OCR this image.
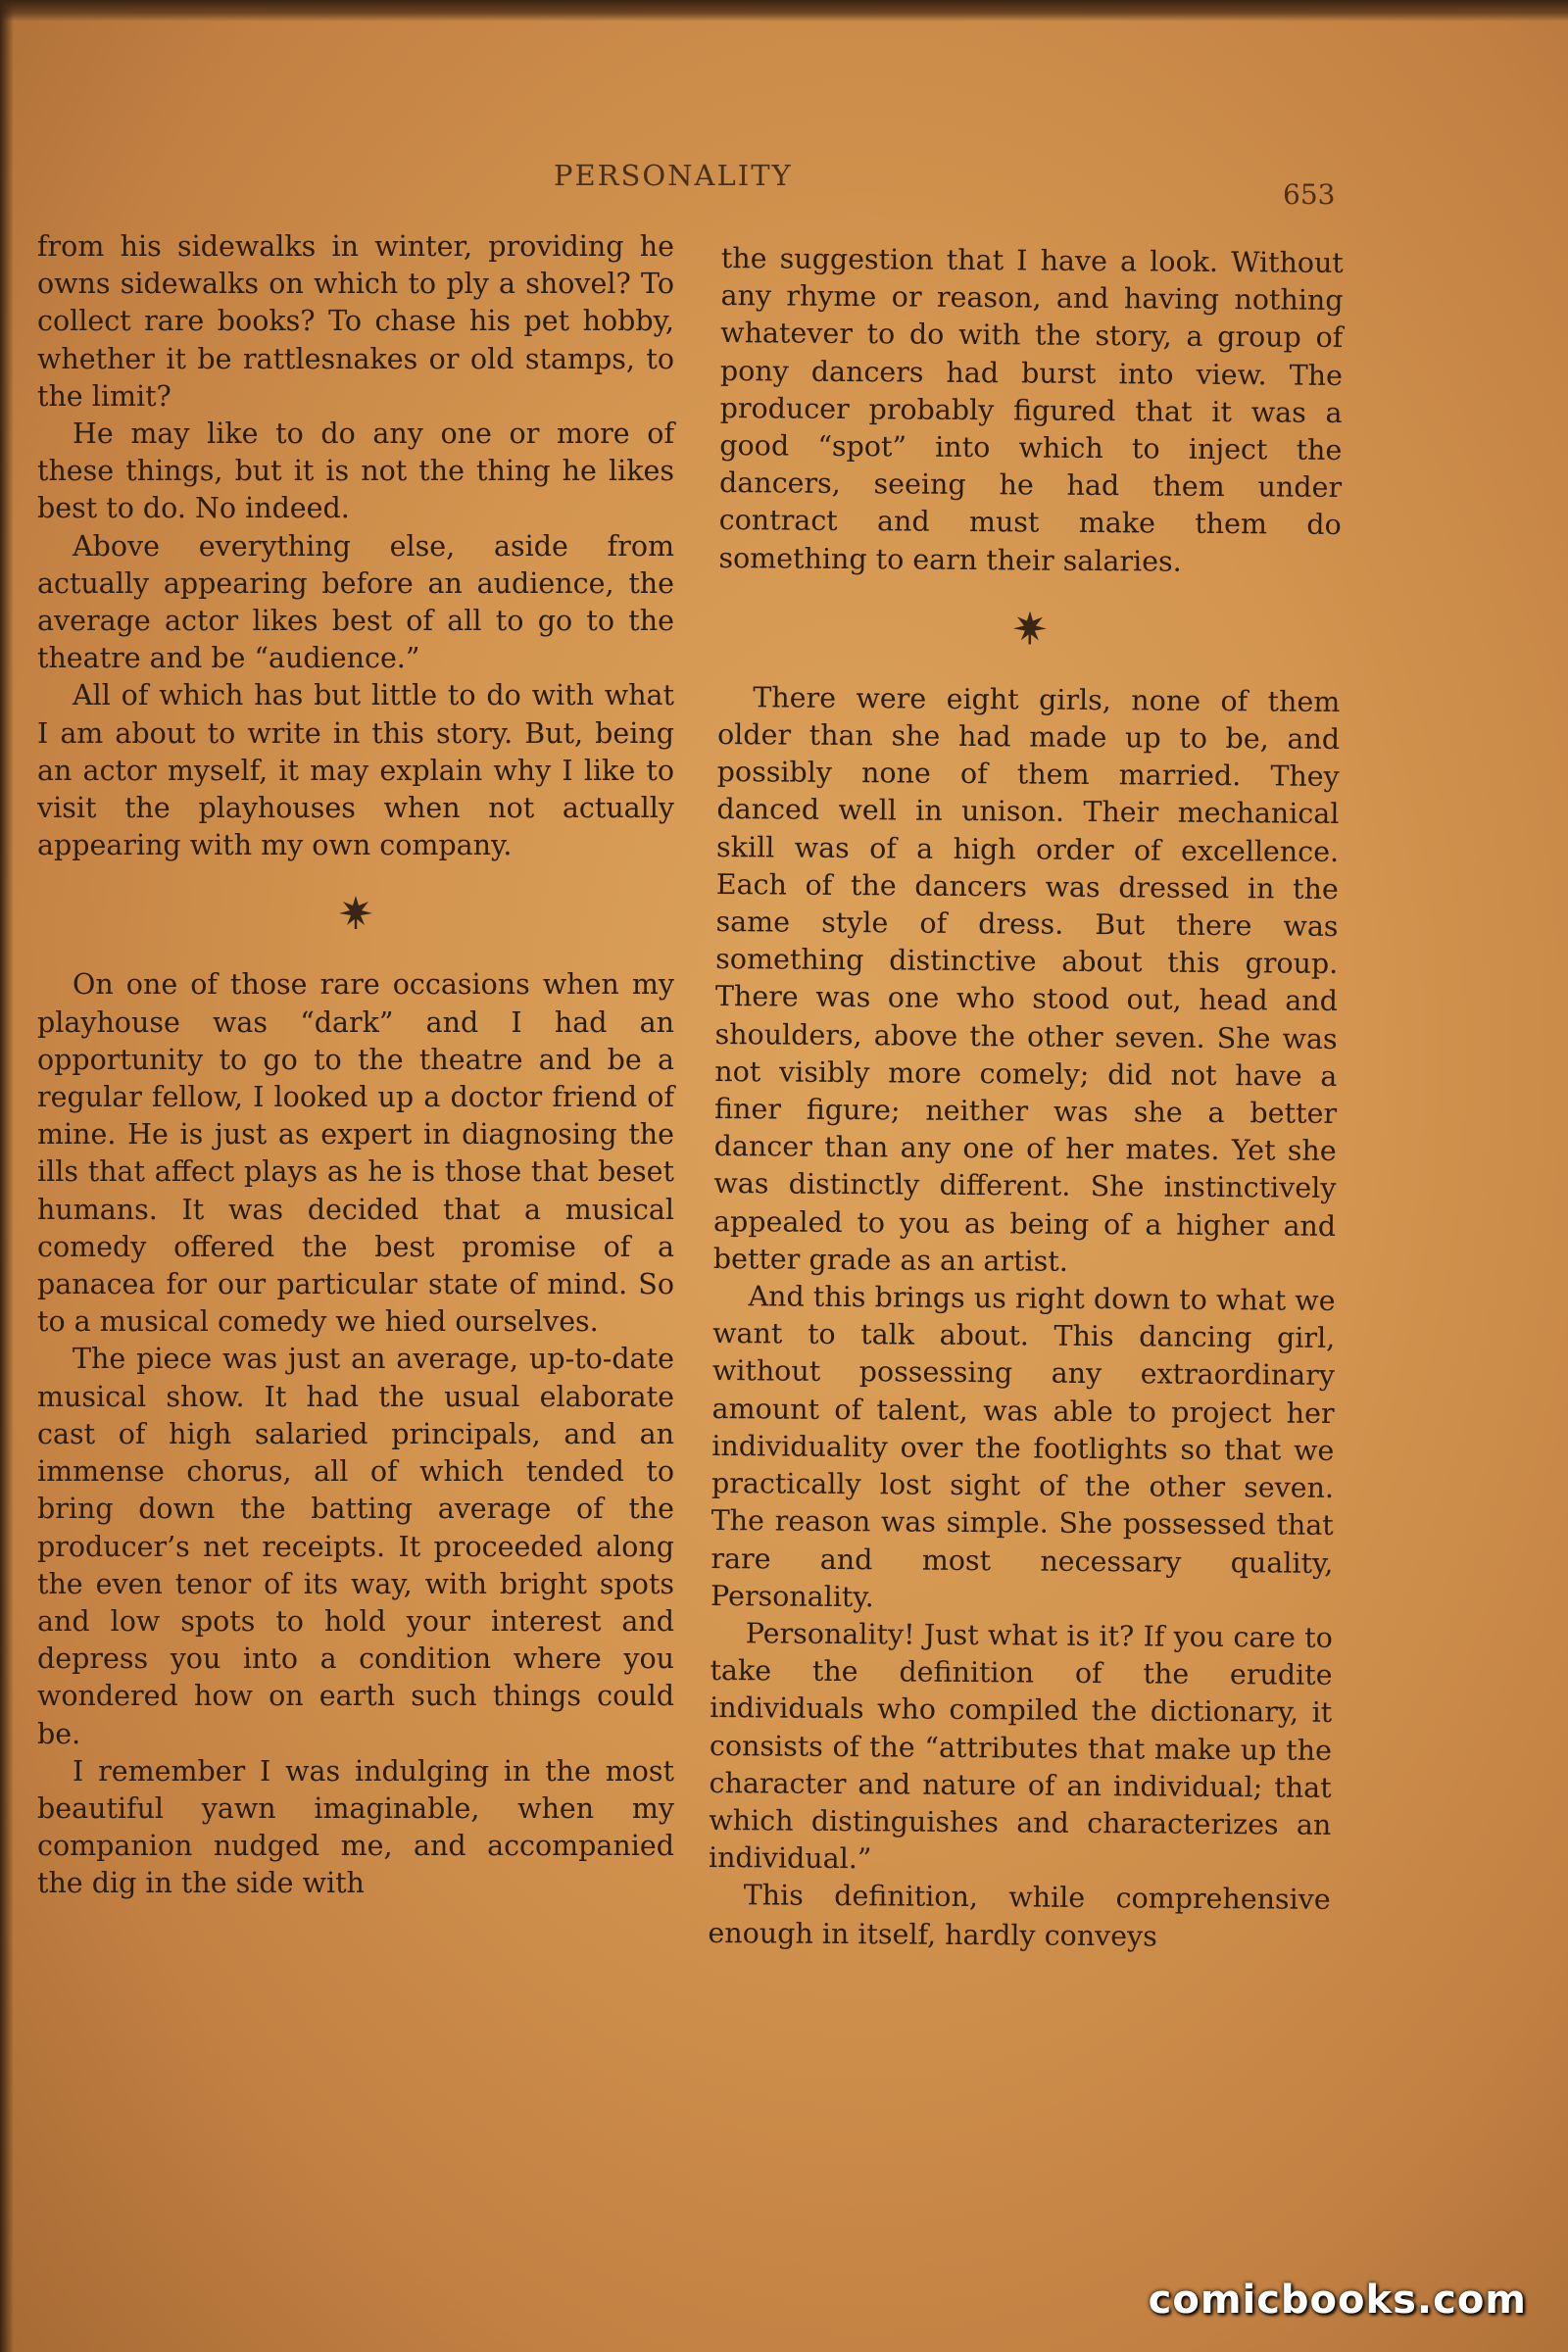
PERSONALITY
653

from his sidewalks in winter, providing he owns sidewalks on which to ply a shovel? To collect rare books? To chase his pet hobby, whether it be rattlesnakes or old stamps, to the limit?

He may like to do any one or more of these things, but it is not the thing he likes best to do. No indeed.

Above everything else, aside from actually appearing before an audience, the average actor likes best of all to go to the theatre and be “audience.”

All of which has but little to do with what I am about to write in this story. But, being an actor myself, it may explain why I like to visit the playhouses when not actually appearing with my own company.

On one of those rare occasions when my playhouse was “dark” and I had an opportunity to go to the theatre and be a regular fellow, I looked up a doctor friend of mine. He is just as expert in diagnosing the ills that affect plays as he is those that beset humans. It was decided that a musical comedy offered the best promise of a panacea for our particular state of mind. So to a musical comedy we hied ourselves.

The piece was just an average, up-to-date musical show. It had the usual elaborate cast of high salaried principals, and an immense chorus, all of which tended to bring down the batting average of the producer’s net receipts. It proceeded along the even tenor of its way, with bright spots and low spots to hold your interest and depress you into a condition where you wondered how on earth such things could be.

I remember I was indulging in the most beautiful yawn imaginable, when my companion nudged me, and accompanied the dig in the side with

the suggestion that I have a look. Without any rhyme or reason, and having nothing whatever to do with the story, a group of pony dancers had burst into view. The producer probably figured that it was a good “spot” into which to inject the dancers, seeing he had them under contract and must make them do something to earn their salaries.

There were eight girls, none of them older than she had made up to be, and possibly none of them married. They danced well in unison. Their mechanical skill was of a high order of excellence. Each of the dancers was dressed in the same style of dress. But there was something distinctive about this group. There was one who stood out, head and shoulders, above the other seven. She was not visibly more comely; did not have a finer figure; neither was she a better dancer than any one of her mates. Yet she was distinctly different. She instinctively appealed to you as being of a higher and better grade as an artist.

And this brings us right down to what we want to talk about. This dancing girl, without possessing any extraordinary amount of talent, was able to project her individuality over the footlights so that we practically lost sight of the other seven. The reason was simple. She possessed that rare and most necessary quality, Personality.

Personality! Just what is it? If you care to take the definition of the erudite individuals who compiled the dictionary, it consists of the “attributes that make up the character and nature of an individual; that which distinguishes and characterizes an individual.”

This definition, while comprehensive enough in itself, hardly conveys

comicbooks.com
